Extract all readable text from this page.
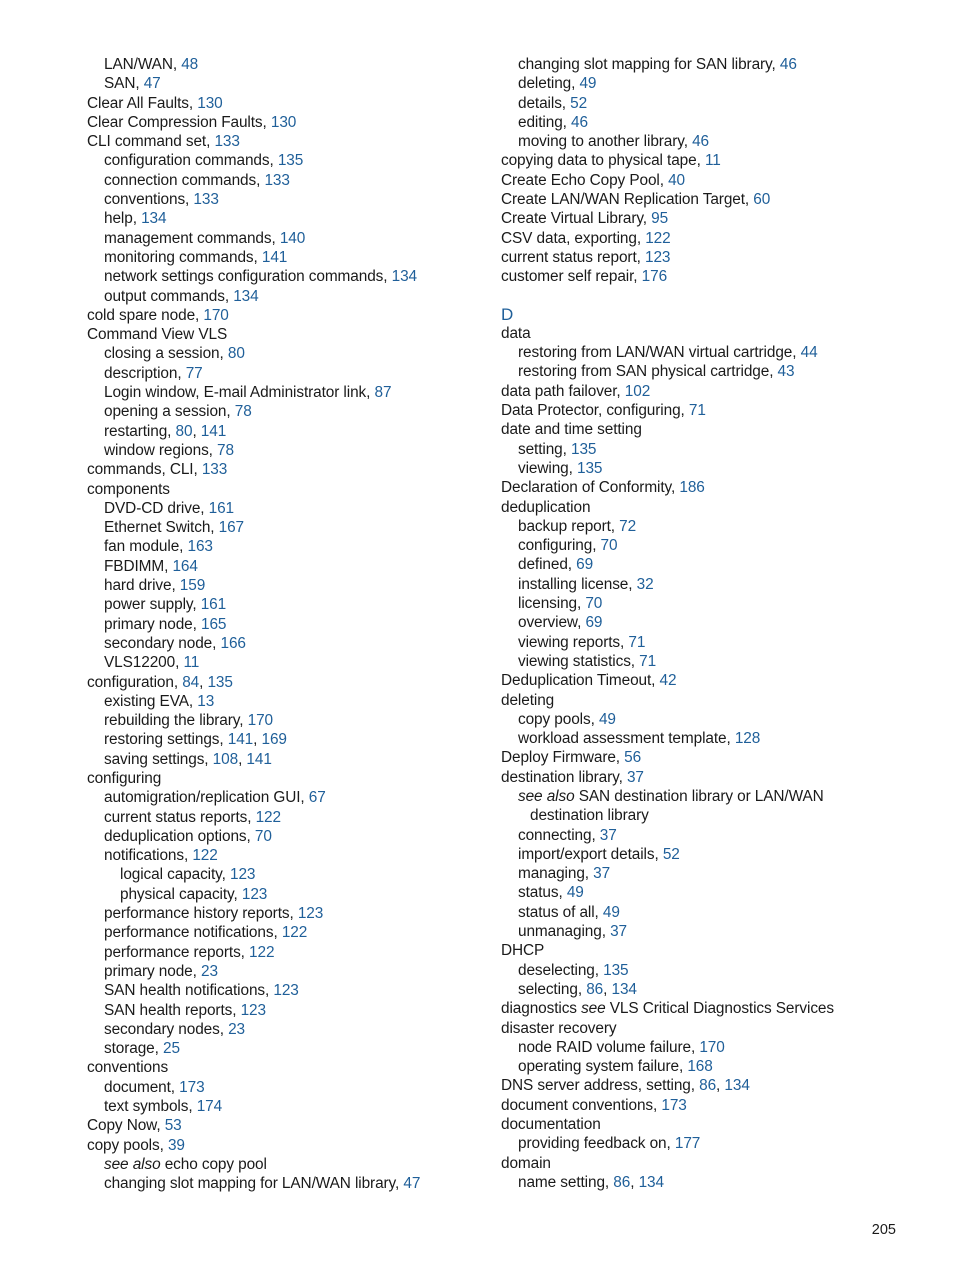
LAN/WAN, 48
SAN, 47
Clear All Faults, 130
Clear Compression Faults, 130
CLI command set, 133
configuration commands, 135
connection commands, 133
conventions, 133
help, 134
management commands, 140
monitoring commands, 141
network settings configuration commands, 134
output commands, 134
cold spare node, 170
Command View VLS
closing a session, 80
description, 77
Login window, E-mail Administrator link, 87
opening a session, 78
restarting, 80, 141
window regions, 78
commands, CLI, 133
components
DVD-CD drive, 161
Ethernet Switch, 167
fan module, 163
FBDIMM, 164
hard drive, 159
power supply, 161
primary node, 165
secondary node, 166
VLS12200, 11
configuration, 84, 135
existing EVA, 13
rebuilding the library, 170
restoring settings, 141, 169
saving settings, 108, 141
configuring
automigration/replication GUI, 67
current status reports, 122
deduplication options, 70
notifications, 122
logical capacity, 123
physical capacity, 123
performance history reports, 123
performance notifications, 122
performance reports, 122
primary node, 23
SAN health notifications, 123
SAN health reports, 123
secondary nodes, 23
storage, 25
conventions
document, 173
text symbols, 174
Copy Now, 53
copy pools, 39
see also echo copy pool
changing slot mapping for LAN/WAN library, 47
changing slot mapping for SAN library, 46
deleting, 49
details, 52
editing, 46
moving to another library, 46
copying data to physical tape, 11
Create Echo Copy Pool, 40
Create LAN/WAN Replication Target, 60
Create Virtual Library, 95
CSV data, exporting, 122
current status report, 123
customer self repair, 176
D
data
restoring from LAN/WAN virtual cartridge, 44
restoring from SAN physical cartridge, 43
data path failover, 102
Data Protector, configuring, 71
date and time setting
setting, 135
viewing, 135
Declaration of Conformity, 186
deduplication
backup report, 72
configuring, 70
defined, 69
installing license, 32
licensing, 70
overview, 69
viewing reports, 71
viewing statistics, 71
Deduplication Timeout, 42
deleting
copy pools, 49
workload assessment template, 128
Deploy Firmware, 56
destination library, 37
see also SAN destination library or LAN/WAN
destination library
connecting, 37
import/export details, 52
managing, 37
status, 49
status of all, 49
unmanaging, 37
DHCP
deselecting, 135
selecting, 86, 134
diagnostics see VLS Critical Diagnostics Services
disaster recovery
node RAID volume failure, 170
operating system failure, 168
DNS server address, setting, 86, 134
document conventions, 173
documentation
providing feedback on, 177
domain
name setting, 86, 134
205
